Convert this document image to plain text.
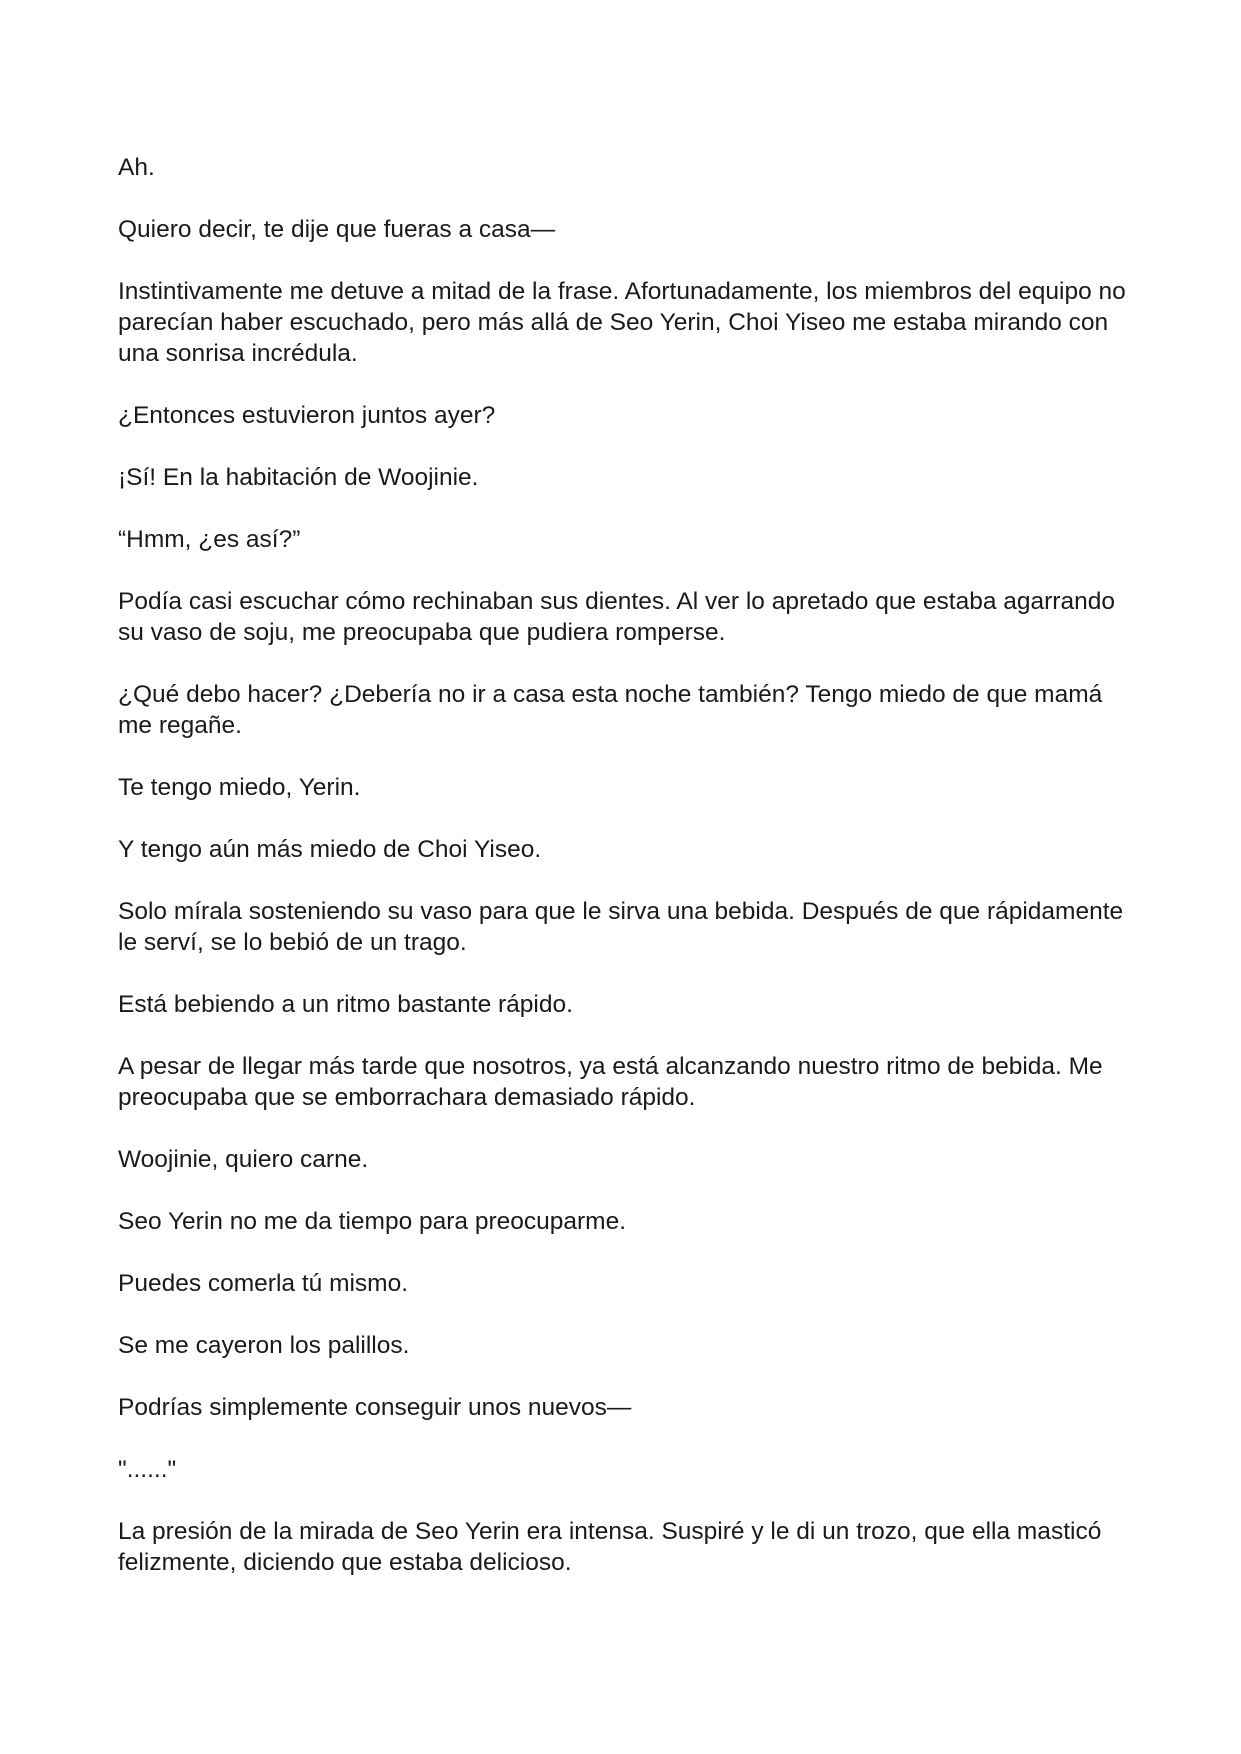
Ah.

Quiero decir, te dije que fueras a casa—

Instintivamente me detuve a mitad de la frase. Afortunadamente, los miembros del equipo no parecían haber escuchado, pero más allá de Seo Yerin, Choi Yiseo me estaba mirando con una sonrisa incrédula.

¿Entonces estuvieron juntos ayer?

¡Sí! En la habitación de Woojinie.

“Hmm, ¿es así?”

Podía casi escuchar cómo rechinaban sus dientes. Al ver lo apretado que estaba agarrando su vaso de soju, me preocupaba que pudiera romperse.

¿Qué debo hacer? ¿Debería no ir a casa esta noche también? Tengo miedo de que mamá me regañe.

Te tengo miedo, Yerin.

Y tengo aún más miedo de Choi Yiseo.

Solo mírala sosteniendo su vaso para que le sirva una bebida. Después de que rápidamente le serví, se lo bebió de un trago.

Está bebiendo a un ritmo bastante rápido.

A pesar de llegar más tarde que nosotros, ya está alcanzando nuestro ritmo de bebida. Me preocupaba que se emborrachara demasiado rápido.

Woojinie, quiero carne.

Seo Yerin no me da tiempo para preocuparme.

Puedes comerla tú mismo.

Se me cayeron los palillos.

Podrías simplemente conseguir unos nuevos—

"......"

La presión de la mirada de Seo Yerin era intensa. Suspiré y le di un trozo, que ella masticó felizmente, diciendo que estaba delicioso.
